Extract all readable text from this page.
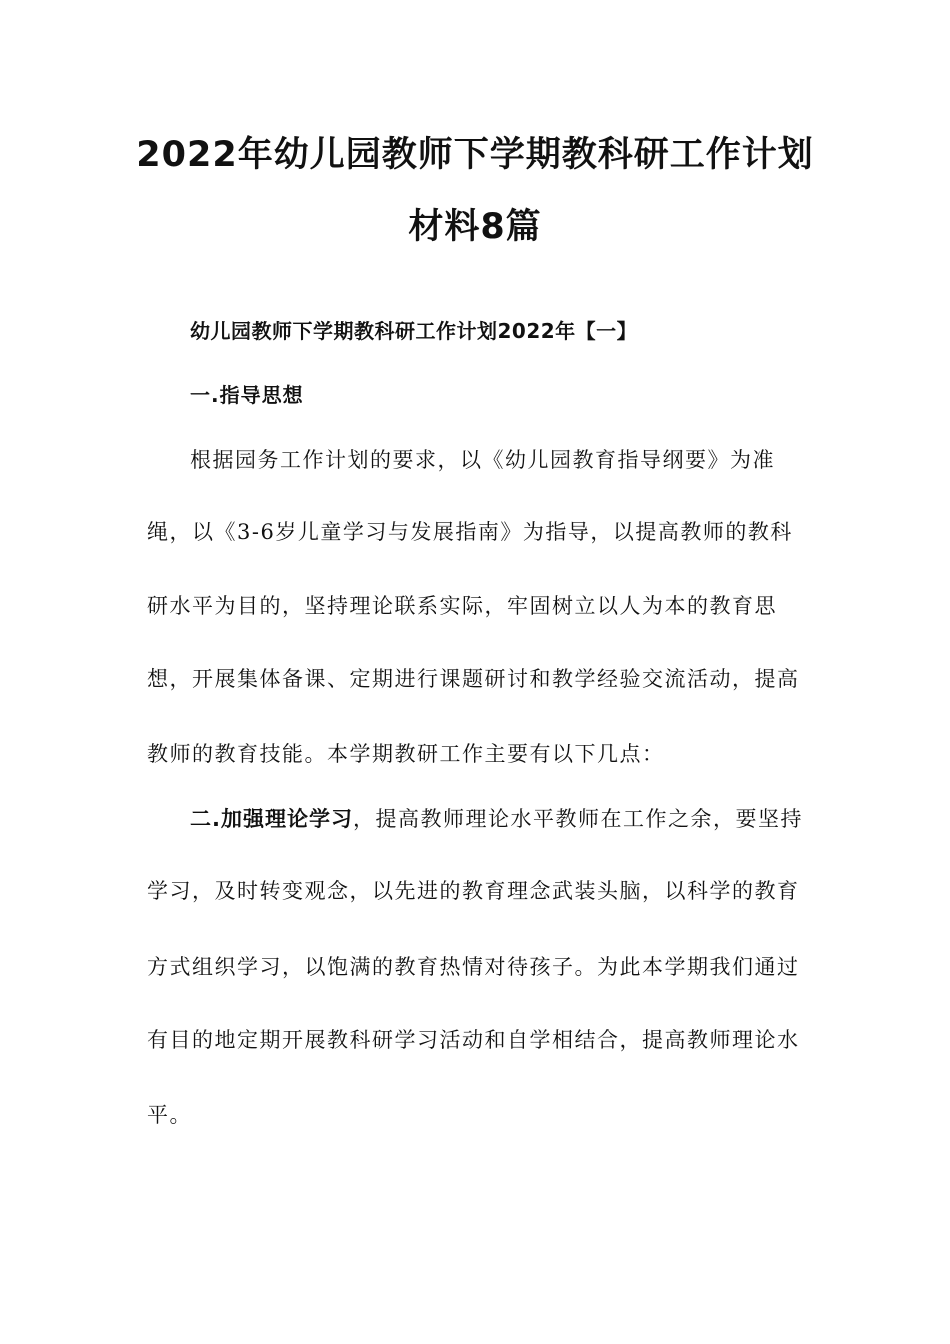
2022年幼儿园教师下学期教科研工作计划
材料8篇
幼儿园教师下学期教科研工作计划2022年【一】
一.指导思想
根据园务工作计划的要求，以《幼儿园教育指导纲要》为准
绳，以《3-6岁儿童学习与发展指南》为指导，以提高教师的教科
研水平为目的，坚持理论联系实际，牢固树立以人为本的教育思
想，开展集体备课、定期进行课题研讨和教学经验交流活动，提高
教师的教育技能。本学期教研工作主要有以下几点：
二.加强理论学习，提高教师理论水平教师在工作之余，要坚持
学习，及时转变观念，以先进的教育理念武装头脑，以科学的教育
方式组织学习，以饱满的教育热情对待孩子。为此本学期我们通过
有目的地定期开展教科研学习活动和自学相结合，提高教师理论水
平。
